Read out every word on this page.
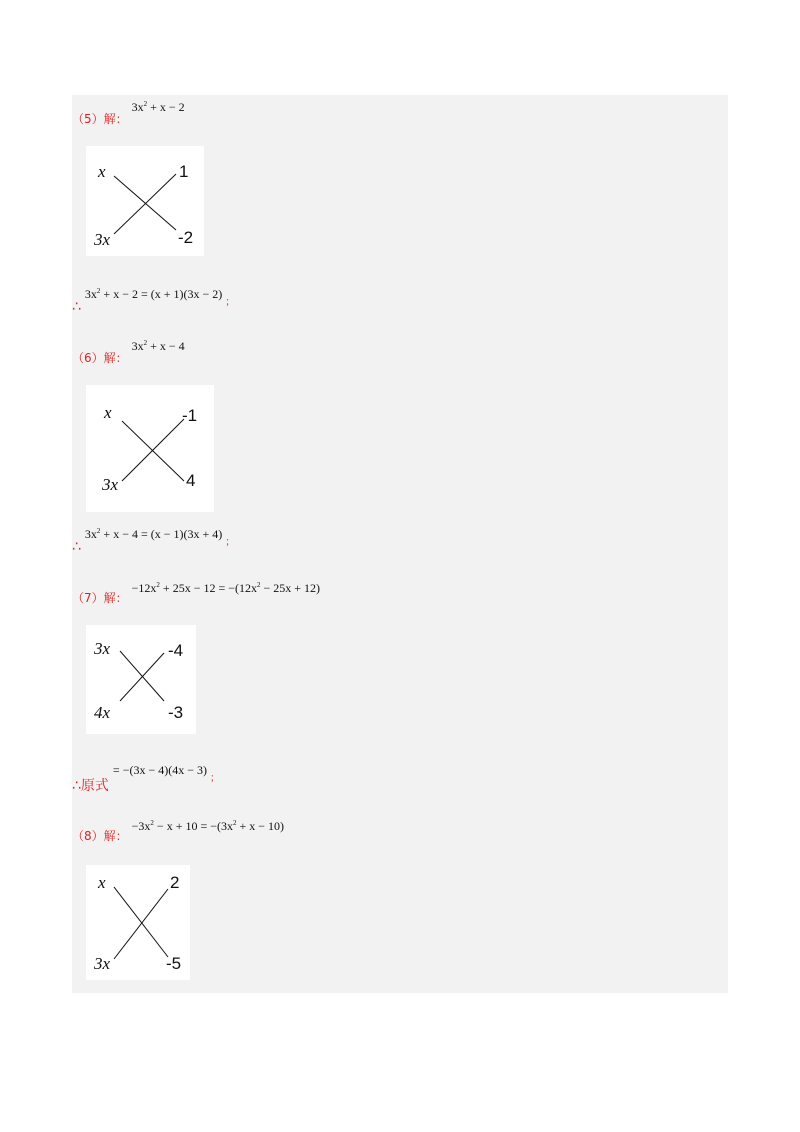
（5）解：
$3x^2 + x - 2$
x
3x
1
-2
∴
$3x^2 + x - 2 = (x + 1)(3x - 2)$
；
（6）解：
$3x^2 + x - 4$
x
3x
-1
4
∴
$3x^2 + x - 4 = (x - 1)(3x + 4)$
；
（7）解：
$-12x^2 + 25x - 12 = -(12x^2 - 25x + 12)$
3x
4x
-4
-3
∴原式
= −(3x − 4)(4x − 3)
；
（8）解：
$-3x^2 - x + 10 = -(3x^2 + x - 10)$
x
3x
2
-5
